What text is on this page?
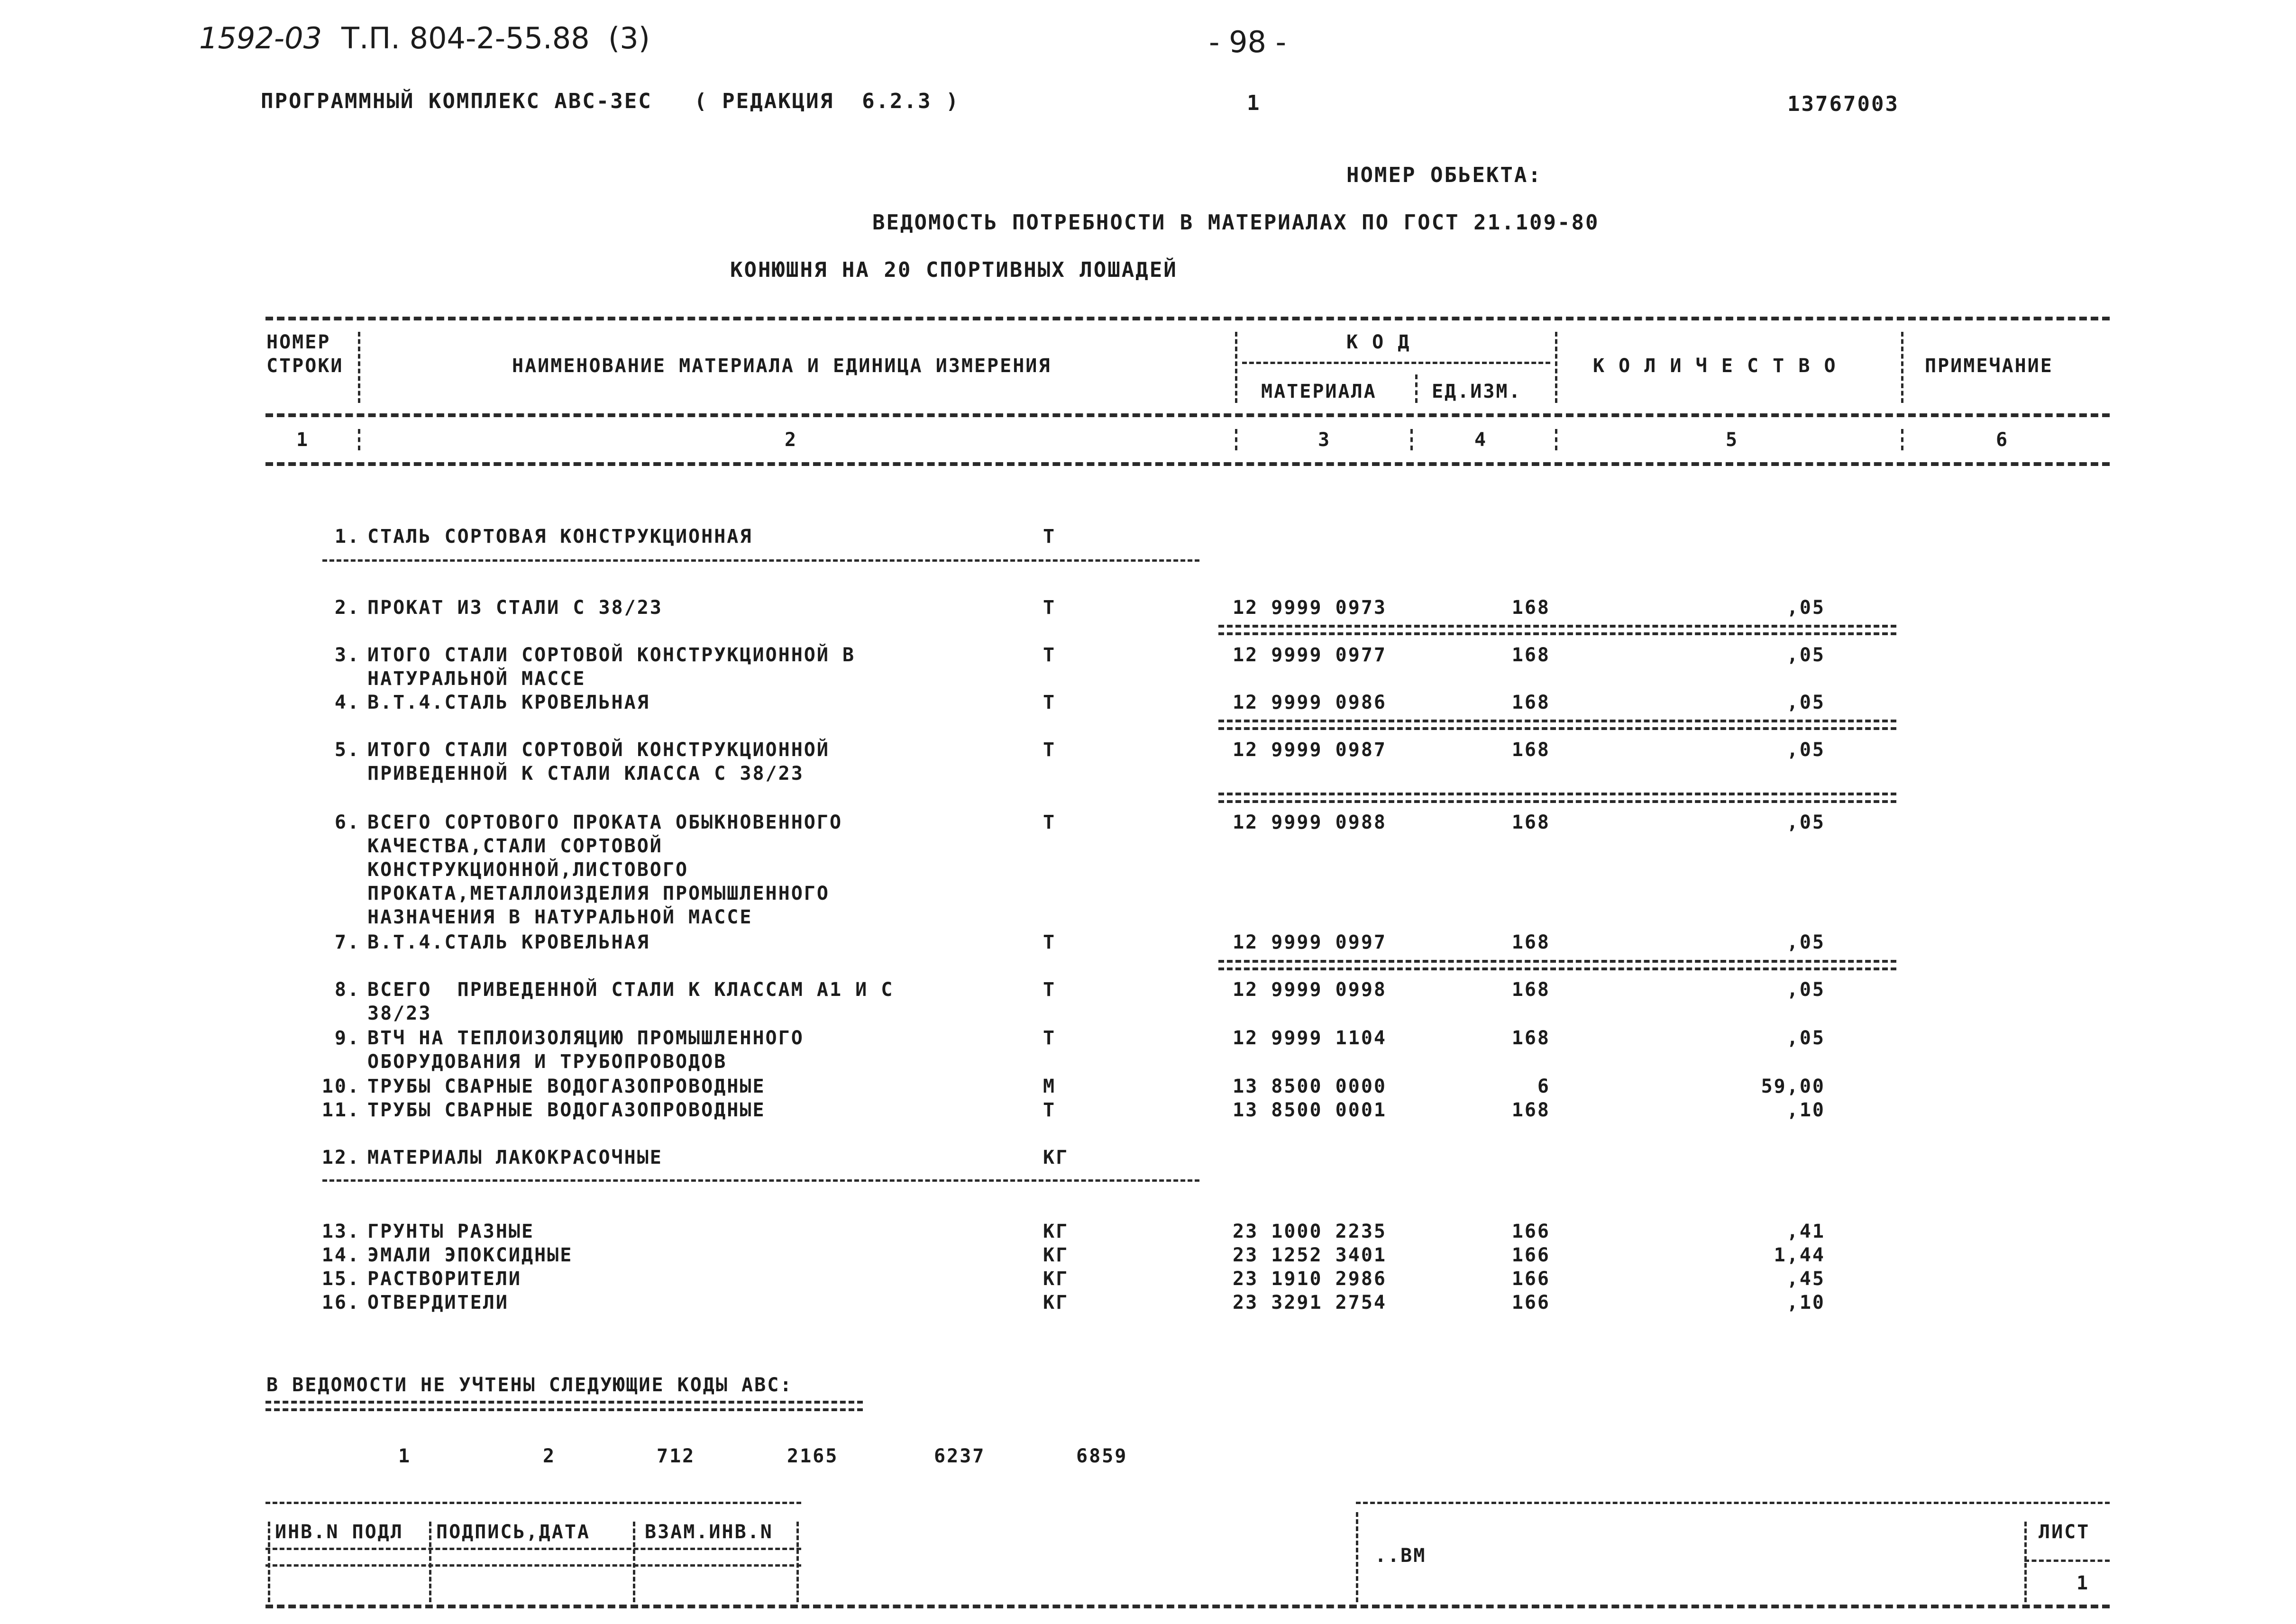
1592-03 Т.П. 804-2-55.88  (3)	- 98 -
ПРОГРАММНЫЙ КОМПЛЕКС АВС-3ЕС   ( РЕДАКЦИЯ  6.2.3 )	1	13767003
НОМЕР ОБЬЕКТА:
ВЕДОМОСТЬ ПОТРЕБНОСТИ В МАТЕРИАЛАХ ПО ГОСТ 21.109-80
КОНЮШНЯ НА 20 СПОРТИВНЫХ ЛОШАДЕЙ
НОМЕР
СТРОКИ	НАИМЕНОВАНИЕ МАТЕРИАЛА И ЕДИНИЦА ИЗМЕРЕНИЯ
К О Д
МАТЕРИАЛА	ЕД.ИЗМ.
К О Л И Ч Е С Т В О	ПРИМЕЧАНИЕ
1	2	3	4	5	6
1. СТАЛЬ СОРТОВАЯ КОНСТРУКЦИОННАЯ	Т
2. ПРОКАТ ИЗ СТАЛИ С 38/23	Т	12 9999 0973	168	,05
3. ИТОГО СТАЛИ СОРТОВОЙ КОНСТРУКЦИОННОЙ В
НАТУРАЛЬНОЙ МАССЕ
Т	12 9999 0977	168	,05
4. В.Т.4.СТАЛЬ КРОВЕЛЬНАЯ	Т	12 9999 0986	168	,05
5. ИТОГО СТАЛИ СОРТОВОЙ КОНСТРУКЦИОННОЙ
ПРИВЕДЕННОЙ К СТАЛИ КЛАССА С 38/23
Т	12 9999 0987	168	,05
6. ВСЕГО СОРТОВОГО ПРОКАТА ОБЫКНОВЕННОГО
КАЧЕСТВА,СТАЛИ СОРТОВОЙ
КОНСТРУКЦИОННОЙ,ЛИСТОВОГО
ПРОКАТА,МЕТАЛЛОИЗДЕЛИЯ ПРОМЫШЛЕННОГО
НАЗНАЧЕНИЯ В НАТУРАЛЬНОЙ МАССЕ
Т	12 9999 0988	168	,05
7. В.Т.4.СТАЛЬ КРОВЕЛЬНАЯ	Т	12 9999 0997	168	,05
8. ВСЕГО  ПРИВЕДЕННОЙ СТАЛИ К КЛАССАМ А1 И С
38/23
Т	12 9999 0998	168	,05
9. ВТЧ НА ТЕПЛОИЗОЛЯЦИЮ ПРОМЫШЛЕННОГО
ОБОРУДОВАНИЯ И ТРУБОПРОВОДОВ
Т	12 9999 1104	168	,05
10. ТРУБЫ СВАРНЫЕ ВОДОГАЗОПРОВОДНЫЕ	М	13 8500 0000	6	59,00
11. ТРУБЫ СВАРНЫЕ ВОДОГАЗОПРОВОДНЫЕ	Т	13 8500 0001	168	,10
12. МАТЕРИАЛЫ ЛАКОКРАСОЧНЫЕ	КГ
13. ГРУНТЫ РАЗНЫЕ	КГ	23 1000 2235	166	,41
14. ЭМАЛИ ЭПОКСИДНЫЕ	КГ	23 1252 3401	166	1,44
15. РАСТВОРИТЕЛИ	КГ	23 1910 2986	166	,45
16. ОТВЕРДИТЕЛИ	КГ	23 3291 2754	166	,10
В ВЕДОМОСТИ НЕ УЧТЕНЫ СЛЕДУЮЩИЕ КОДЫ АВС:
1	2	712	2165	6237	6859
ИНВ.N ПОДЛ ПОДПИСЬ,ДАТА	ВЗАМ.ИНВ.N
..ВМ
ЛИСТ
1
